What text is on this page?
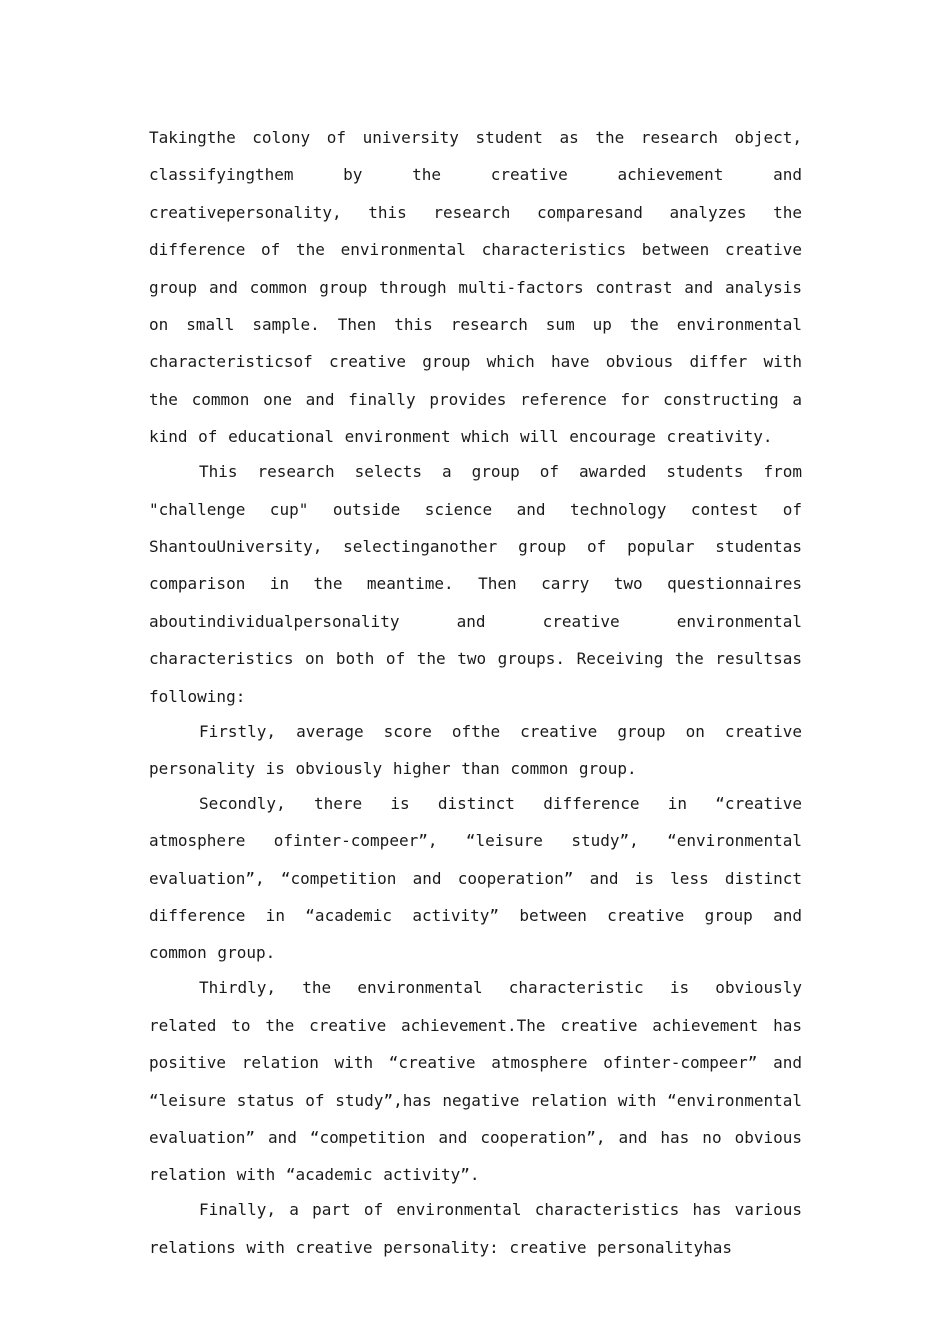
Takingthe colony of university student as the research object, classifyingthem by the creative achievement and creativepersonality, this research comparesand analyzes the difference of the environmental characteristics between creative group and common group through multi-factors contrast and analysis on small sample. Then this research sum up the environmental characteristicsof creative group which have obvious differ with the common one and finally provides reference for constructing a kind of educational environment which will encourage creativity.

This research selects a group of awarded students from "challenge cup" outside science and technology contest of ShantouUniversity, selectinganother group of popular studentas comparison in the meantime. Then carry two questionnaires aboutindividualpersonality and creative environmental characteristics on both of the two groups. Receiving the resultsas following:

Firstly, average score ofthe creative group on creative personality is obviously higher than common group.

Secondly, there is distinct difference in “creative atmosphere ofinter-compeer”, “leisure study”, “environmental evaluation”, “competition and cooperation” and is less distinct difference in “academic activity” between creative group and common group.

Thirdly, the environmental characteristic is obviously related to the creative achievement.The creative achievement has positive relation with “creative atmosphere ofinter-compeer” and “leisure status of study”,has negative relation with “environmental evaluation” and “competition and cooperation”, and has no obvious relation with “academic activity”.

Finally, a part of environmental characteristics has various relations with creative personality: creative personalityhas
